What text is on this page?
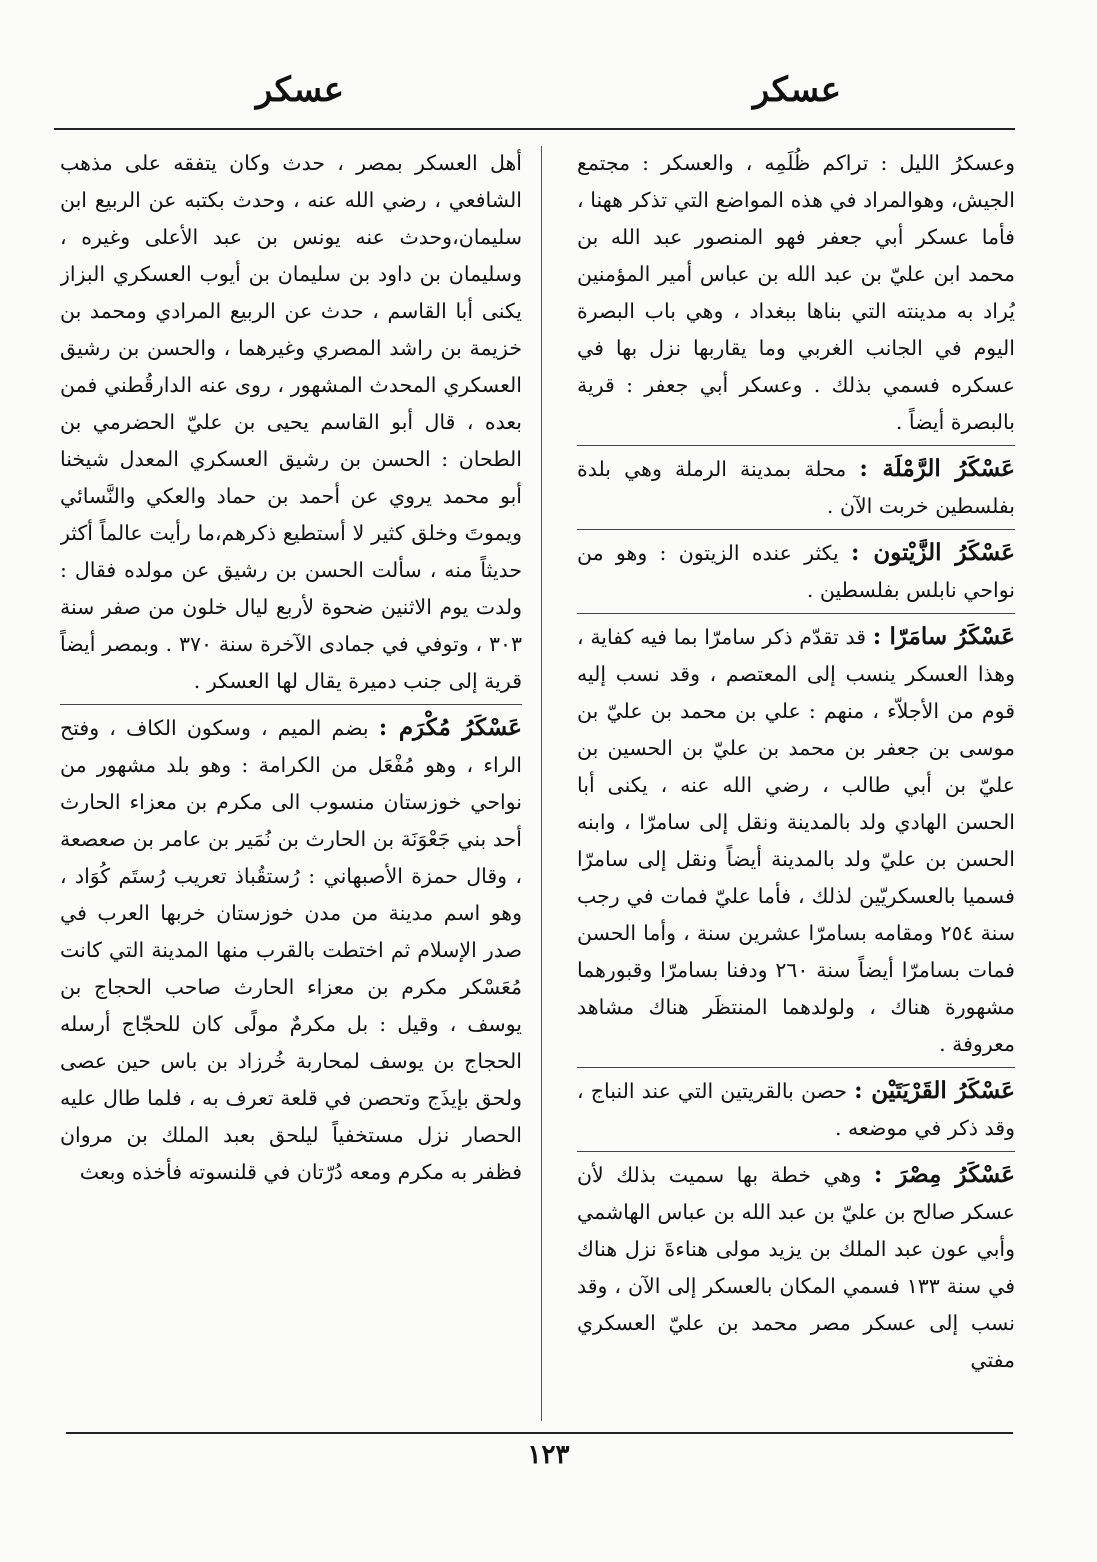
عسكر
عسكر

وعسكرُ الليل : تراكم ظُلَمِه ، والعسكر : مجتمع الجيش، وهوالمراد في هذه المواضع التي تذكر ههنا ، فأما عسكر أبي جعفر فهو المنصور عبد الله بن محمد ابن عليّ بن عبد الله بن عباس أمير المؤمنين يُراد به مدينته التي بناها ببغداد ، وهي باب البصرة اليوم في الجانب الغربي وما يقاربها نزل بها في عسكره فسمي بذلك . وعسكر أبي جعفر : قرية بالبصرة أيضاً .

عَسْكَرُ الرَّمْلَة : محلة بمدينة الرملة وهي بلدة بفلسطين خربت الآن .

عَسْكَرُ الزَّيْتون : يكثر عنده الزيتون : وهو من نواحي نابلس بفلسطين .

عَسْكَرُ سامَرّا : قد تقدّم ذكر سامرّا بما فيه كفاية ، وهذا العسكر ينسب إلى المعتصم ، وقد نسب إليه قوم من الأجلاّء ، منهم : علي بن محمد بن عليّ بن موسى بن جعفر بن محمد بن عليّ بن الحسين بن عليّ بن أبي طالب ، رضي الله عنه ، يكنى أبا الحسن الهادي ولد بالمدينة ونقل إلى سامرّا ، وابنه الحسن بن عليّ ولد بالمدينة أيضاً ونقل إلى سامرّا فسميا بالعسكريّين لذلك ، فأما عليّ فمات في رجب سنة ٢٥٤ ومقامه بسامرّا عشرين سنة ، وأما الحسن فمات بسامرّا أيضاً سنة ٢٦٠ ودفنا بسامرّا وقبورهما مشهورة هناك ، ولولدهما المنتظَر هناك مشاهد معروفة .

عَسْكَرُ القَرْيَتَيْن : حصن بالقريتين التي عند النباج ، وقد ذكر في موضعه .

عَسْكَرُ مِصْرَ : وهي خطة بها سميت بذلك لأن عسكر صالح بن عليّ بن عبد الله بن عباس الهاشمي وأبي عون عبد الملك بن يزيد مولى هناءةَ نزل هناك في سنة ١٣٣ فسمي المكان بالعسكر إلى الآن ، وقد نسب إلى عسكر مصر محمد بن عليّ العسكري مفتي

أهل العسكر بمصر ، حدث وكان يتفقه على مذهب الشافعي ، رضي الله عنه ، وحدث بكتبه عن الربيع ابن سليمان،وحدث عنه يونس بن عبد الأعلى وغيره ، وسليمان بن داود بن سليمان بن أيوب العسكري البزاز يكنى أبا القاسم ، حدث عن الربيع المرادي ومحمد بن خزيمة بن راشد المصري وغيرهما ، والحسن بن رشيق العسكري المحدث المشهور ، روى عنه الدارقُطني فمن بعده ، قال أبو القاسم يحيى بن عليّ الحضرمي بن الطحان : الحسن بن رشيق العسكري المعدل شيخنا أبو محمد يروي عن أحمد بن حماد والعكي والنَّسائي ويموتَ وخلق كثير لا أستطيع ذكرهم،ما رأيت عالماً أكثر حديثاً منه ، سألت الحسن بن رشيق عن مولده فقال : ولدت يوم الاثنين ضحوة لأربع ليال خلون من صفر سنة ٣٠٣ ، وتوفي في جمادى الآخرة سنة ٣٧٠ . وبمصر أيضاً قرية إلى جنب دميرة يقال لها العسكر .

عَسْكَرُ مُكْرَم : بضم الميم ، وسكون الكاف ، وفتح الراء ، وهو مُفْعَل من الكرامة : وهو بلد مشهور من نواحي خوزستان منسوب الى مكرم بن معزاء الحارث أحد بني جَعْوَنَة بن الحارث بن نُمَير بن عامر بن صعصعة ، وقال حمزة الأصبهاني : رُستقُباذ تعريب رُستَم كُوَاد ، وهو اسم مدينة من مدن خوزستان خربها العرب في صدر الإسلام ثم اختطت بالقرب منها المدينة التي كانت مُعَسْكر مكرم بن معزاء الحارث صاحب الحجاج بن يوسف ، وقيل : بل مكرمٌ مولًى كان للحجّاج أرسله الحجاج بن يوسف لمحاربة خُرزاد بن باس حين عصى ولحق بإيذَج وتحصن في قلعة تعرف به ، فلما طال عليه الحصار نزل مستخفياً ليلحق بعبد الملك بن مروان فظفر به مكرم ومعه دُرّتان في قلنسوته فأخذه وبعث

١٢٣
